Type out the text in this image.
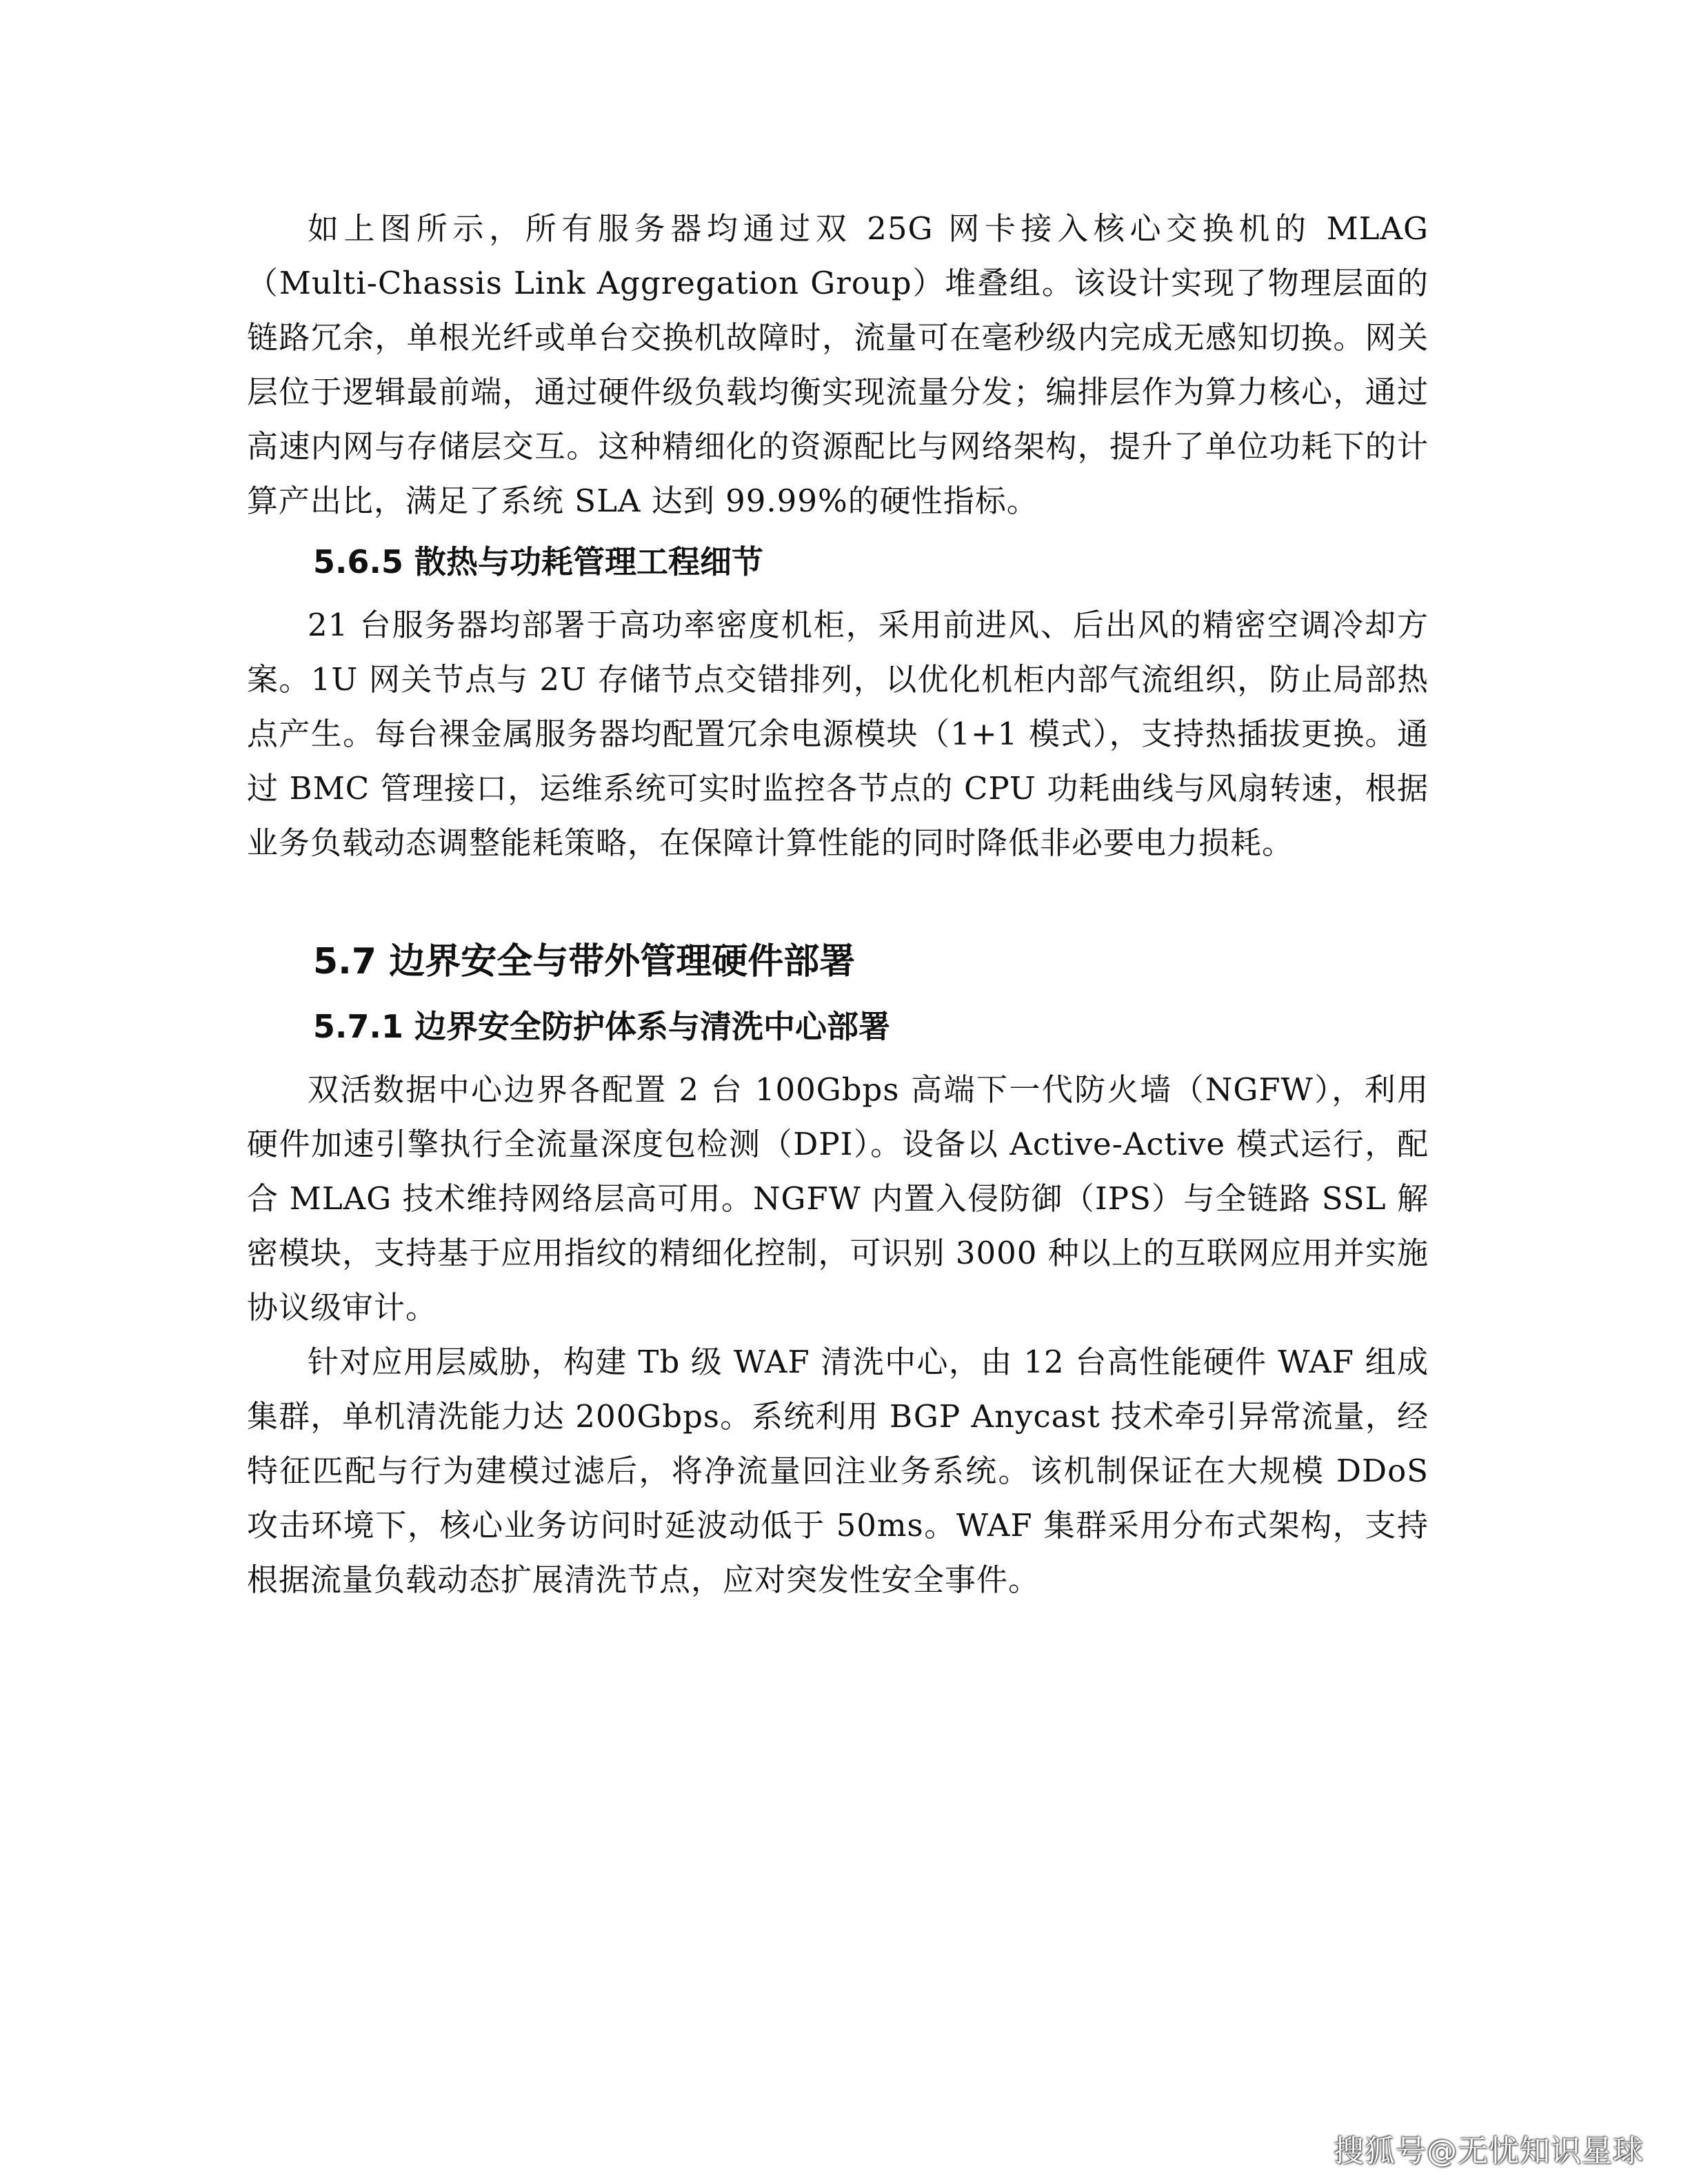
如上图所示，所有服务器均通过双 25G 网卡接入核心交换机的 MLAG（Multi-Chassis Link Aggregation Group）堆叠组。该设计实现了物理层面的链路冗余，单根光纤或单台交换机故障时，流量可在毫秒级内完成无感知切换。网关层位于逻辑最前端，通过硬件级负载均衡实现流量分发；编排层作为算力核心，通过高速内网与存储层交互。这种精细化的资源配比与网络架构，提升了单位功耗下的计算产出比，满足了系统 SLA 达到 99.99%的硬性指标。

5.6.5 散热与功耗管理工程细节

21 台服务器均部署于高功率密度机柜，采用前进风、后出风的精密空调冷却方案。1U 网关节点与 2U 存储节点交错排列，以优化机柜内部气流组织，防止局部热点产生。每台裸金属服务器均配置冗余电源模块（1+1 模式），支持热插拔更换。通过 BMC 管理接口，运维系统可实时监控各节点的 CPU 功耗曲线与风扇转速，根据业务负载动态调整能耗策略，在保障计算性能的同时降低非必要电力损耗。

5.7 边界安全与带外管理硬件部署
5.7.1 边界安全防护体系与清洗中心部署

双活数据中心边界各配置 2 台 100Gbps 高端下一代防火墙（NGFW），利用硬件加速引擎执行全流量深度包检测（DPI）。设备以 Active-Active 模式运行，配合 MLAG 技术维持网络层高可用。NGFW 内置入侵防御（IPS）与全链路 SSL 解密模块，支持基于应用指纹的精细化控制，可识别 3000 种以上的互联网应用并实施协议级审计。

针对应用层威胁，构建 Tb 级 WAF 清洗中心，由 12 台高性能硬件 WAF 组成集群，单机清洗能力达 200Gbps。系统利用 BGP Anycast 技术牵引异常流量，经特征匹配与行为建模过滤后，将净流量回注业务系统。该机制保证在大规模 DDoS 攻击环境下，核心业务访问时延波动低于 50ms。WAF 集群采用分布式架构，支持根据流量负载动态扩展清洗节点，应对突发性安全事件。

搜狐号@无忧知识星球
